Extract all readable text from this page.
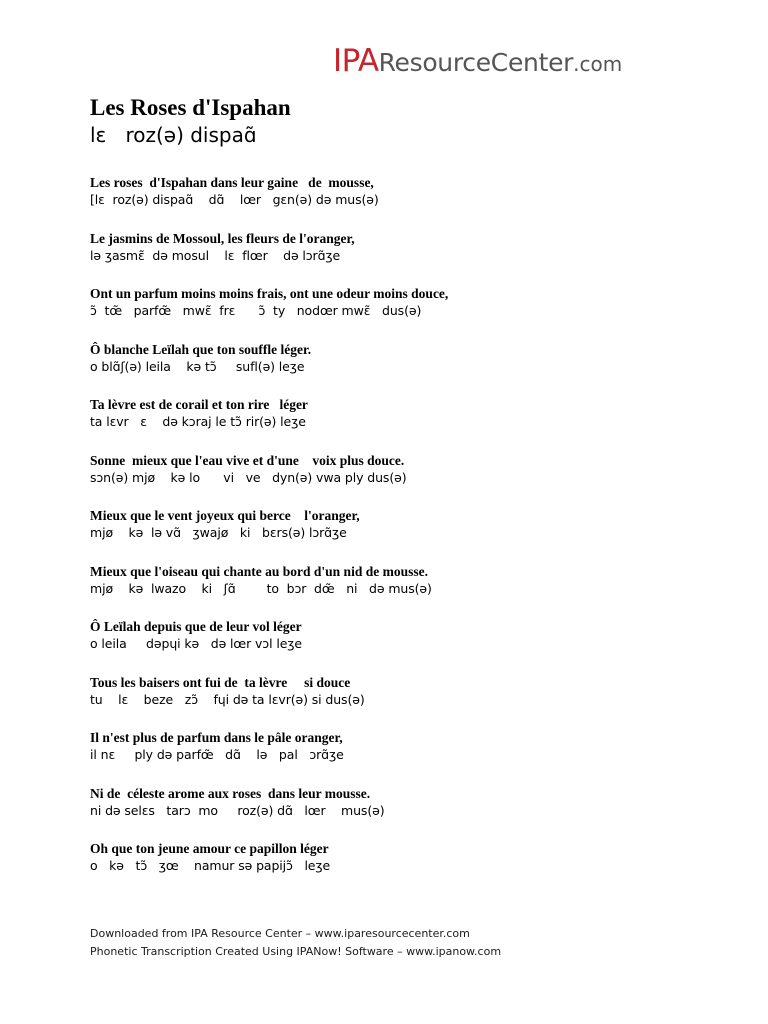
IPAResourceCenter.com
Les Roses d'Ispahan
lɛ   roz(ə) dispaɑ̃
Les roses  d'Ispahan dans leur gaine   de  mousse,
[lɛ  roz(ə) dispaɑ̃    dɑ̃    lœr   gɛn(ə) də mus(ə)
Le jasmins de Mossoul, les fleurs de l'oranger,
lə ʒasmɛ̃  də mosul    lɛ  flœr    də lɔrɑ̃ʒe
Ont un parfum moins moins frais, ont une odeur moins douce,
ɔ̃  tœ̃   parfœ̃   mwɛ̃  frɛ      ɔ̃  ty   nodœr mwɛ̃   dus(ə)
Ô blanche Leïlah que ton souffle léger.
o blɑ̃ʃ(ə) leila    kə tɔ̃     sufl(ə) leʒe
Ta lèvre est de corail et ton rire   léger
ta lɛvr   ɛ    də kɔraj le tɔ̃ rir(ə) leʒe
Sonne  mieux que l'eau vive et d'une    voix plus douce.
sɔn(ə) mjø    kə lo      vi   ve   dyn(ə) vwa ply dus(ə)
Mieux que le vent joyeux qui berce    l'oranger,
mjø    kə  lə vɑ̃   ʒwajø   ki   bɛrs(ə) lɔrɑ̃ʒe
Mieux que l'oiseau qui chante au bord d'un nid de mousse.
mjø    kə  lwazo    ki   ʃɑ̃        to  bɔr  dœ̃   ni   də mus(ə)
Ô Leïlah depuis que de leur vol léger
o leila     dəpɥi kə   də lœr vɔl leʒe
Tous les baisers ont fui de  ta lèvre     si douce
tu    lɛ    beze   zɔ̃    fɥi də ta lɛvr(ə) si dus(ə)
Il n'est plus de parfum dans le pâle oranger,
il nɛ     ply də parfœ̃   dɑ̃    lə   pal   ɔrɑ̃ʒe
Ni de  céleste arome aux roses  dans leur mousse.
ni də selɛs   tarɔ  mo     roz(ə) dɑ̃   lœr    mus(ə)
Oh que ton jeune amour ce papillon léger
o   kə   tɔ̃   ʒœ    namur sə papijɔ̃   leʒe
Downloaded from IPA Resource Center – www.iparesourcecenter.com
Phonetic Transcription Created Using IPANow! Software – www.ipanow.com
